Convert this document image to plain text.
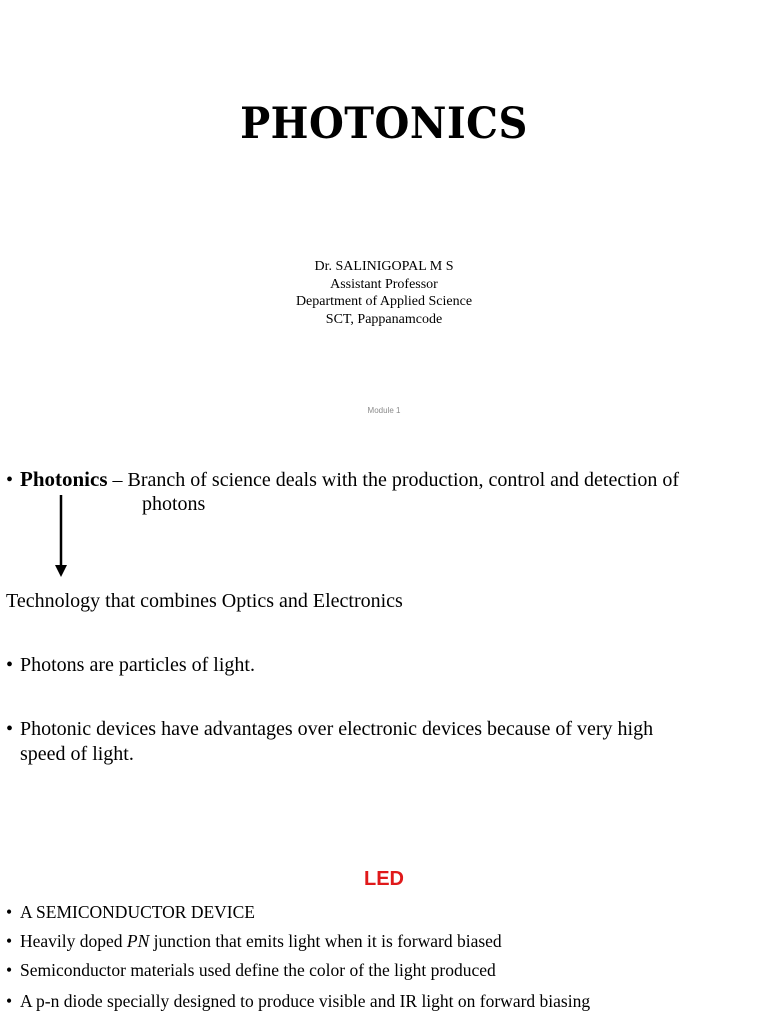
PHOTONICS
Dr. SALINIGOPAL M S
Assistant Professor
Department of Applied Science
SCT, Pappanamcode
Module 1
• Photonics – Branch of science deals with the production, control and detection of
photons
Technology that combines Optics and Electronics
• Photons are particles of light.
• Photonic devices have advantages over electronic devices because of very high
speed of light.
LED
• A SEMICONDUCTOR DEVICE
• Heavily doped PN junction that emits light when it is forward biased
• Semiconductor materials used define the color of the light produced
• A p-n diode specially designed to produce visible and IR light on forward biasing
